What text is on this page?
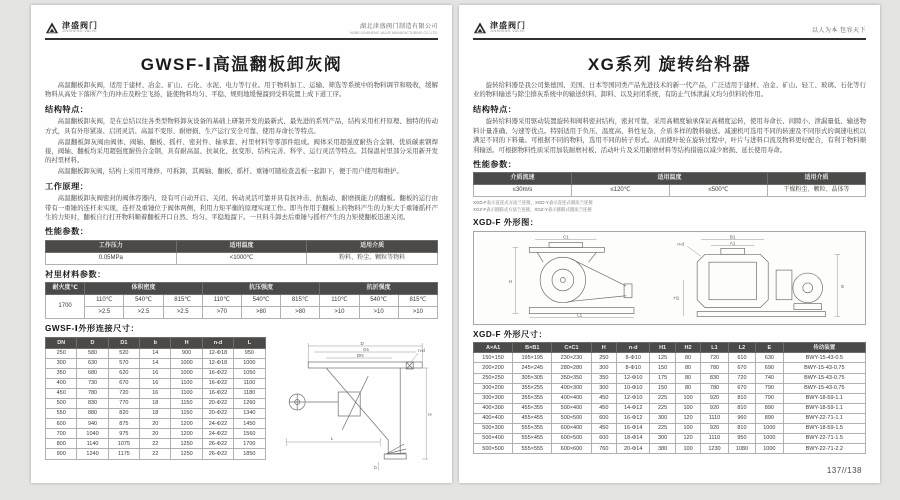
津盛阀门
JINSHENG VALVE
湖北津盛阀门制造有限公司
HUBEI JINSHENG VALVE MANUFACTURING CO.,LTD.
GWSF-Ⅰ高温翻板卸灰阀

高温翻板卸灰阀，适用于建材、冶金、矿山、石化、水泥、电力等行业。用于物料加工、运输、筛选等系统中的物料调节和吸收，缓解物料从高处下落所产生的冲击及粉尘飞扬，能使物料均匀、平稳、规则地缓慢溜到受料装置上成下道工序。

结构特点：

高温翻板卸灰阀，是在总结以往各类型物料卸灰设备的基础上研制开发的最新式、最先进的系列产品，结构采用杠杆原理、独特的传动方式，具有外形紧凑、启闭灵活、高温不变形、耐磨损、生产运行安全可靠、使用寿命长等特点。

高温翻板卸灰阀由阀体、阀轴、翻板、摇杆、密封件、轴承套、衬里材料等零部件组成。阀体采用超强度耐热合金钢、优质碳素钢焊接，阀轴、翻板均采用超强度耐热合金钢，具有耐高温、抗氧化、抗变形、结构完善、科学、运行灵活等特点。其保温衬里部分采用新开发的衬里材料。

高温翻板卸灰阀，结构上采用可维修、可拆卸，其阀轴、翻板、摇杆、重锤可随检查盖板一起卸下，便于用户使用和维护。

工作原理：

高温翻板卸灰阀密封的阀体容器内，设有可自动开启、关闭、转动灵活可靠并具有抗冲击、抗振动、耐磨损能力的翻板。翻板的运行由带有一重锤的连杆来实现，连杆及重锤位于阀体两侧，利用力矩平衡的原理实现工作。即当作用于翻板上的物料产生的力矩大于重锤摇杆产生的力矩时，翻板自行打开物料顺着翻板开口自然、均匀、平稳地溜下。一旦料斗卸去后重锤与摇杆产生的力矩使翻板迅速关闭。

性能参数：
工作压力	适用温度	适用介质
0.05MPa	<1000℃	粉料、粉尘、颗粒等物料
衬里材料参数：
耐火度℃	体积密度			抗压强度			抗折强度		
1700	110℃	540℃	815℃	110℃	540℃	815℃	110℃	540℃	815℃
	>2.5	>2.5	>2.5	>70	>80	>80	>10	>10	>10
GWSF-Ⅰ外形连接尺寸：
DN	D	D1	b	H	n-d	L
250	580	520	14	900	12-Φ18	950
300	630	570	14	1000	12-Φ18	1000
350	680	620	16	1000	16-Φ22	1050
400	730	670	16	1100	16-Φ22	1100
450	780	720	16	1100	16-Φ22	1180
500	830	770	18	1150	20-Φ22	1260
550	880	820	18	1150	20-Φ22	1340
600	940	875	20	1200	24-Φ22	1450
700	1040	975	20	1200	24-Φ22	1560
800	1140	1075	22	1250	26-Φ22	1700
900	1240	1175	22	1250	26-Φ22	1850
D
D1
DN
n-d
H
L
b
津盛阀门
JINSHENG VALVE	以人为本 包容天下
XG系列 旋转给料器

旋转给料器是我公司集德国、美国、日本等国同类产品先进技术的新一代产品，广泛适用于建材、冶金、矿山、轻工、玻璃、石化等行业的物料输送与除尘排灰系统中的输送供料、卸料、以及封闭系统，有防止气体泄漏又均匀供料的作用。

结构特点：

旋转给料器采用驱动装置旋转和阀料密封结构，密封可靠，采用高精度轴承保证高精度运转，使用寿命长、间隙小、泄漏量低、输送物料计量准确、匀速等优点。特别适用于负压、温度高、料性复杂、介质多样的散料输送。减速机可选用不同的转速及不同形式的调速电机以满足不同的下料量。可根据不同的物料，选用不同的转子形式。从而使叶轮在旋转过程中，叶片与进料口流及物料更好配合，有利于物料顺利输送。可根据物料性质采用加装耐磨衬板、活动叶片及采用耐磨材料等结构措施以减少磨损、延长使用寿命。

性能参数：
介质流速	适用温度		适用介质
≤30m/s	≤120℃	≤500℃	干燥粉尘、颗粒、晶体等
XGD-F表示直连式方法兰连接，XGD-Y表示直连式圆法兰连接
XGZ-F表示链联式方法兰连接，XGZ-Y表示链联式圆法兰连接
XGD-F 外形图：
C1
H
L1
B1
A1
n-d
E
H1
XGD-F 外形尺寸：
A×A1	B×B1	C×C1	H	n-d	H1	H2	L1	L2	E	传动装置
150×150	195×195	230×230	250	8-Φ10	125	80	720	610	630	BWY-15-43-0.5
200×200	245×245	280×280	300	8-Φ10	150	80	780	670	690	BWY-15-43-0.75
250×250	305×305	350×350	350	12-Φ10	175	80	830	720	740	BWY-15-43-0.75
300×200	355×255	400×300	300	10-Φ10	150	80	780	670	790	BWY-15-43-0.75
300×300	355×355	400×400	450	12-Φ10	225	100	920	810	790	BWY-18-59-1.1
400×300	455×355	500×400	450	14-Φ12	225	100	920	810	890	BWY-18-59-1.1
400×400	455×455	500×500	600	16-Φ12	300	120	1110	960	890	BWY-22-71-1.1
500×300	555×355	600×400	450	16-Φ14	225	100	920	810	1000	BWY-18-59-1.5
500×400	555×455	600×500	600	18-Φ14	300	120	1110	950	1000	BWY-22-71-1.5
500×500	555×555	600×600	760	20-Φ14	380	100	1230	1080	1000	BWY-22-71-2.2
137//138
